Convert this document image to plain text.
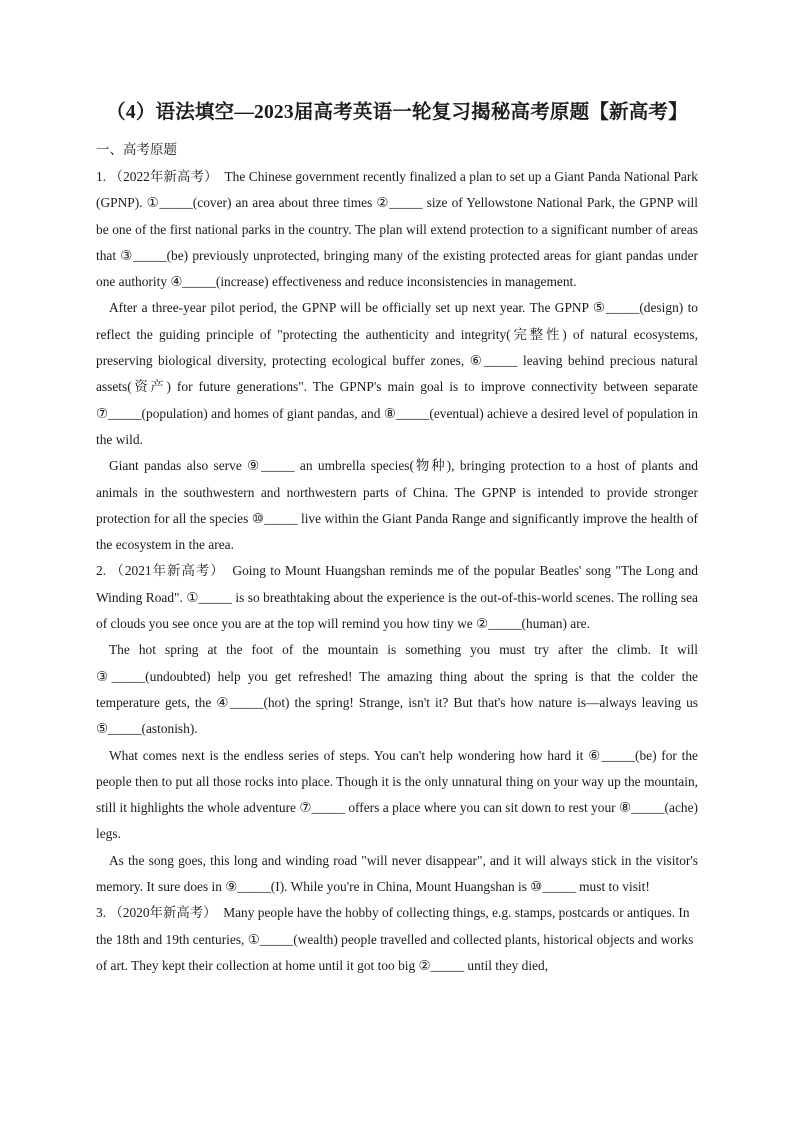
（4）语法填空—2023届高考英语一轮复习揭秘高考原题【新高考】
一、高考原题

1. （2022年新高考）　The Chinese government recently finalized a plan to set up a Giant Panda National Park (GPNP). ①_____(cover) an area about three times ②_____ size of Yellowstone National Park, the GPNP will be one of the first national parks in the country. The plan will extend protection to a significant number of areas that ③_____(be) previously unprotected, bringing many of the existing protected areas for giant pandas under one authority ④_____(increase) effectiveness and reduce inconsistencies in management.

After a three-year pilot period, the GPNP will be officially set up next year. The GPNP ⑤_____(design) to reflect the guiding principle of "protecting the authenticity and integrity(完整性) of natural ecosystems, preserving biological diversity, protecting ecological buffer zones, ⑥_____ leaving behind precious natural assets(资产) for future generations". The GPNP's main goal is to improve connectivity between separate ⑦_____(population) and homes of giant pandas, and ⑧_____(eventual) achieve a desired level of population in the wild.

Giant pandas also serve ⑨_____ an umbrella species(物种), bringing protection to a host of plants and animals in the southwestern and northwestern parts of China. The GPNP is intended to provide stronger protection for all the species ⑩_____ live within the Giant Panda Range and significantly improve the health of the ecosystem in the area.

2. （2021年新高考）　Going to Mount Huangshan reminds me of the popular Beatles' song "The Long and Winding Road". ①_____ is so breathtaking about the experience is the out-of-this-world scenes. The rolling sea of clouds you see once you are at the top will remind you how tiny we ②_____(human) are.

The hot spring at the foot of the mountain is something you must try after the climb. It will ③_____(undoubted) help you get refreshed! The amazing thing about the spring is that the colder the temperature gets, the ④_____(hot) the spring! Strange, isn't it? But that's how nature is—always leaving us ⑤_____(astonish).

What comes next is the endless series of steps. You can't help wondering how hard it ⑥_____(be) for the people then to put all those rocks into place. Though it is the only unnatural thing on your way up the mountain, still it highlights the whole adventure ⑦_____ offers a place where you can sit down to rest your ⑧_____(ache) legs.

As the song goes, this long and winding road "will never disappear", and it will always stick in the visitor's memory. It sure does in ⑨_____(I). While you're in China, Mount Huangshan is ⑩_____ must to visit!

3. （2020年新高考）　Many people have the hobby of collecting things, e.g. stamps, postcards or antiques. In the 18th and 19th centuries, ①_____(wealth) people travelled and collected plants, historical objects and works of art. They kept their collection at home until it got too big ②_____ until they died,
